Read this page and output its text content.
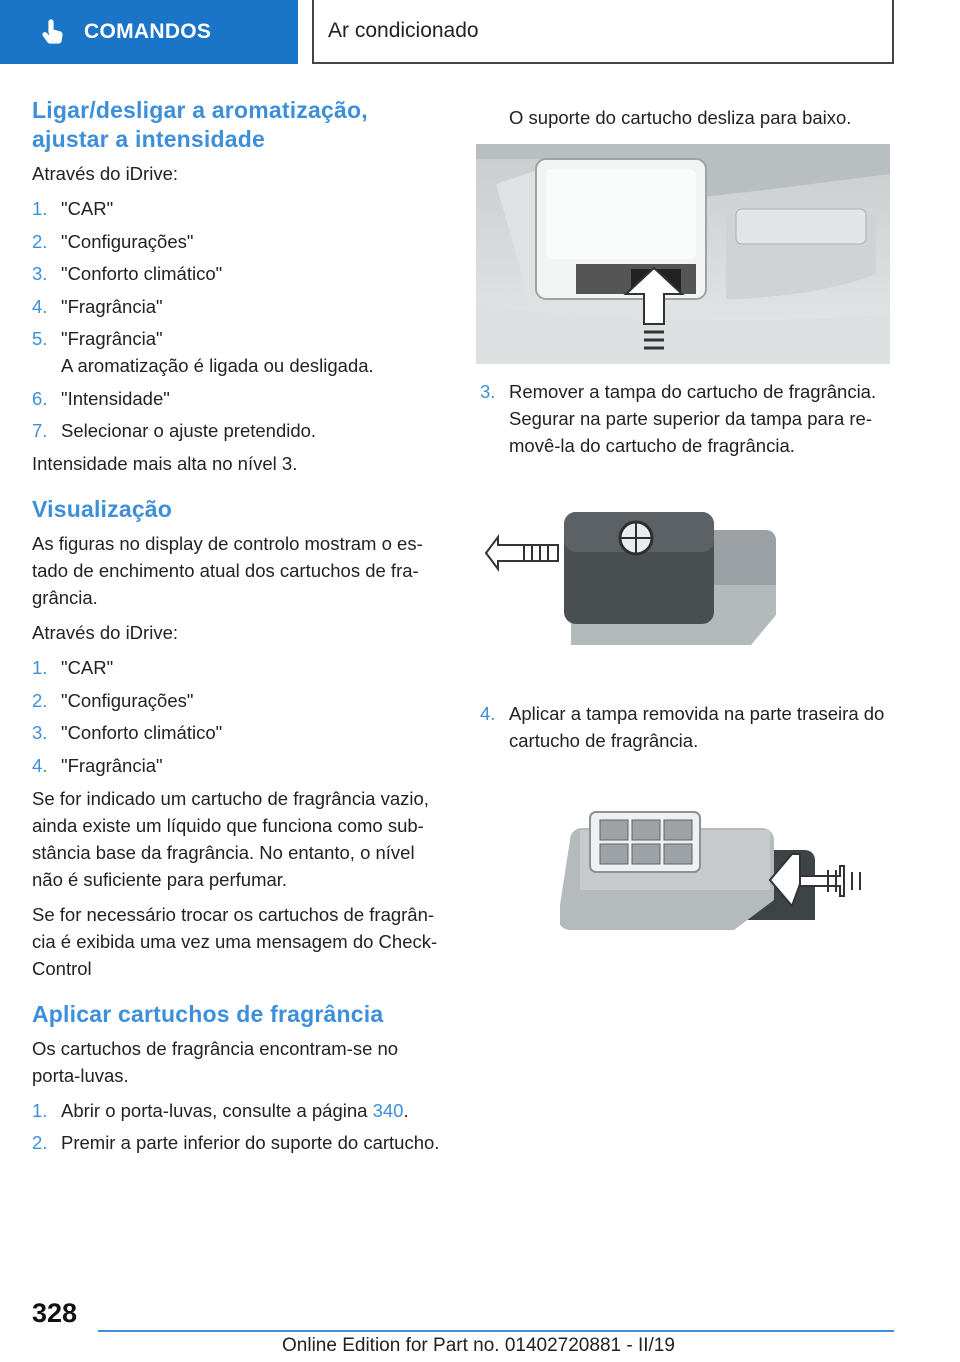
COMANDOS	Ar condicionado
Ligar/desligar a aromatização, ajustar a intensidade

Através do iDrive:

1. "CAR"
2. "Configurações"
3. "Conforto climático"
4. "Fragrância"
5. "Fragrância"
A aromatização é ligada ou desligada.
6. "Intensidade"
7. Selecionar o ajuste pretendido.

Intensidade mais alta no nível 3.

Visualização

As figuras no display de controlo mostram o estado de enchimento atual dos cartuchos de fragrância.

Através do iDrive:

1. "CAR"
2. "Configurações"
3. "Conforto climático"
4. "Fragrância"

Se for indicado um cartucho de fragrância vazio, ainda existe um líquido que funciona como substância base da fragrância. No entanto, o nível não é suficiente para perfumar.

Se for necessário trocar os cartuchos de fragrância é exibida uma vez uma mensagem do Check-Control

Aplicar cartuchos de fragrância

Os cartuchos de fragrância encontram-se no porta-luvas.

1. Abrir o porta-luvas, consulte a página 340.
2. Premir a parte inferior do suporte do cartucho.

O suporte do cartucho desliza para baixo.

3. Remover a tampa do cartucho de fragrância. Segurar na parte superior da tampa para removê-la do cartucho de fragrância.
4. Aplicar a tampa removida na parte traseira do cartucho de fragrância.
328
Online Edition for Part no. 01402720881 - II/19
